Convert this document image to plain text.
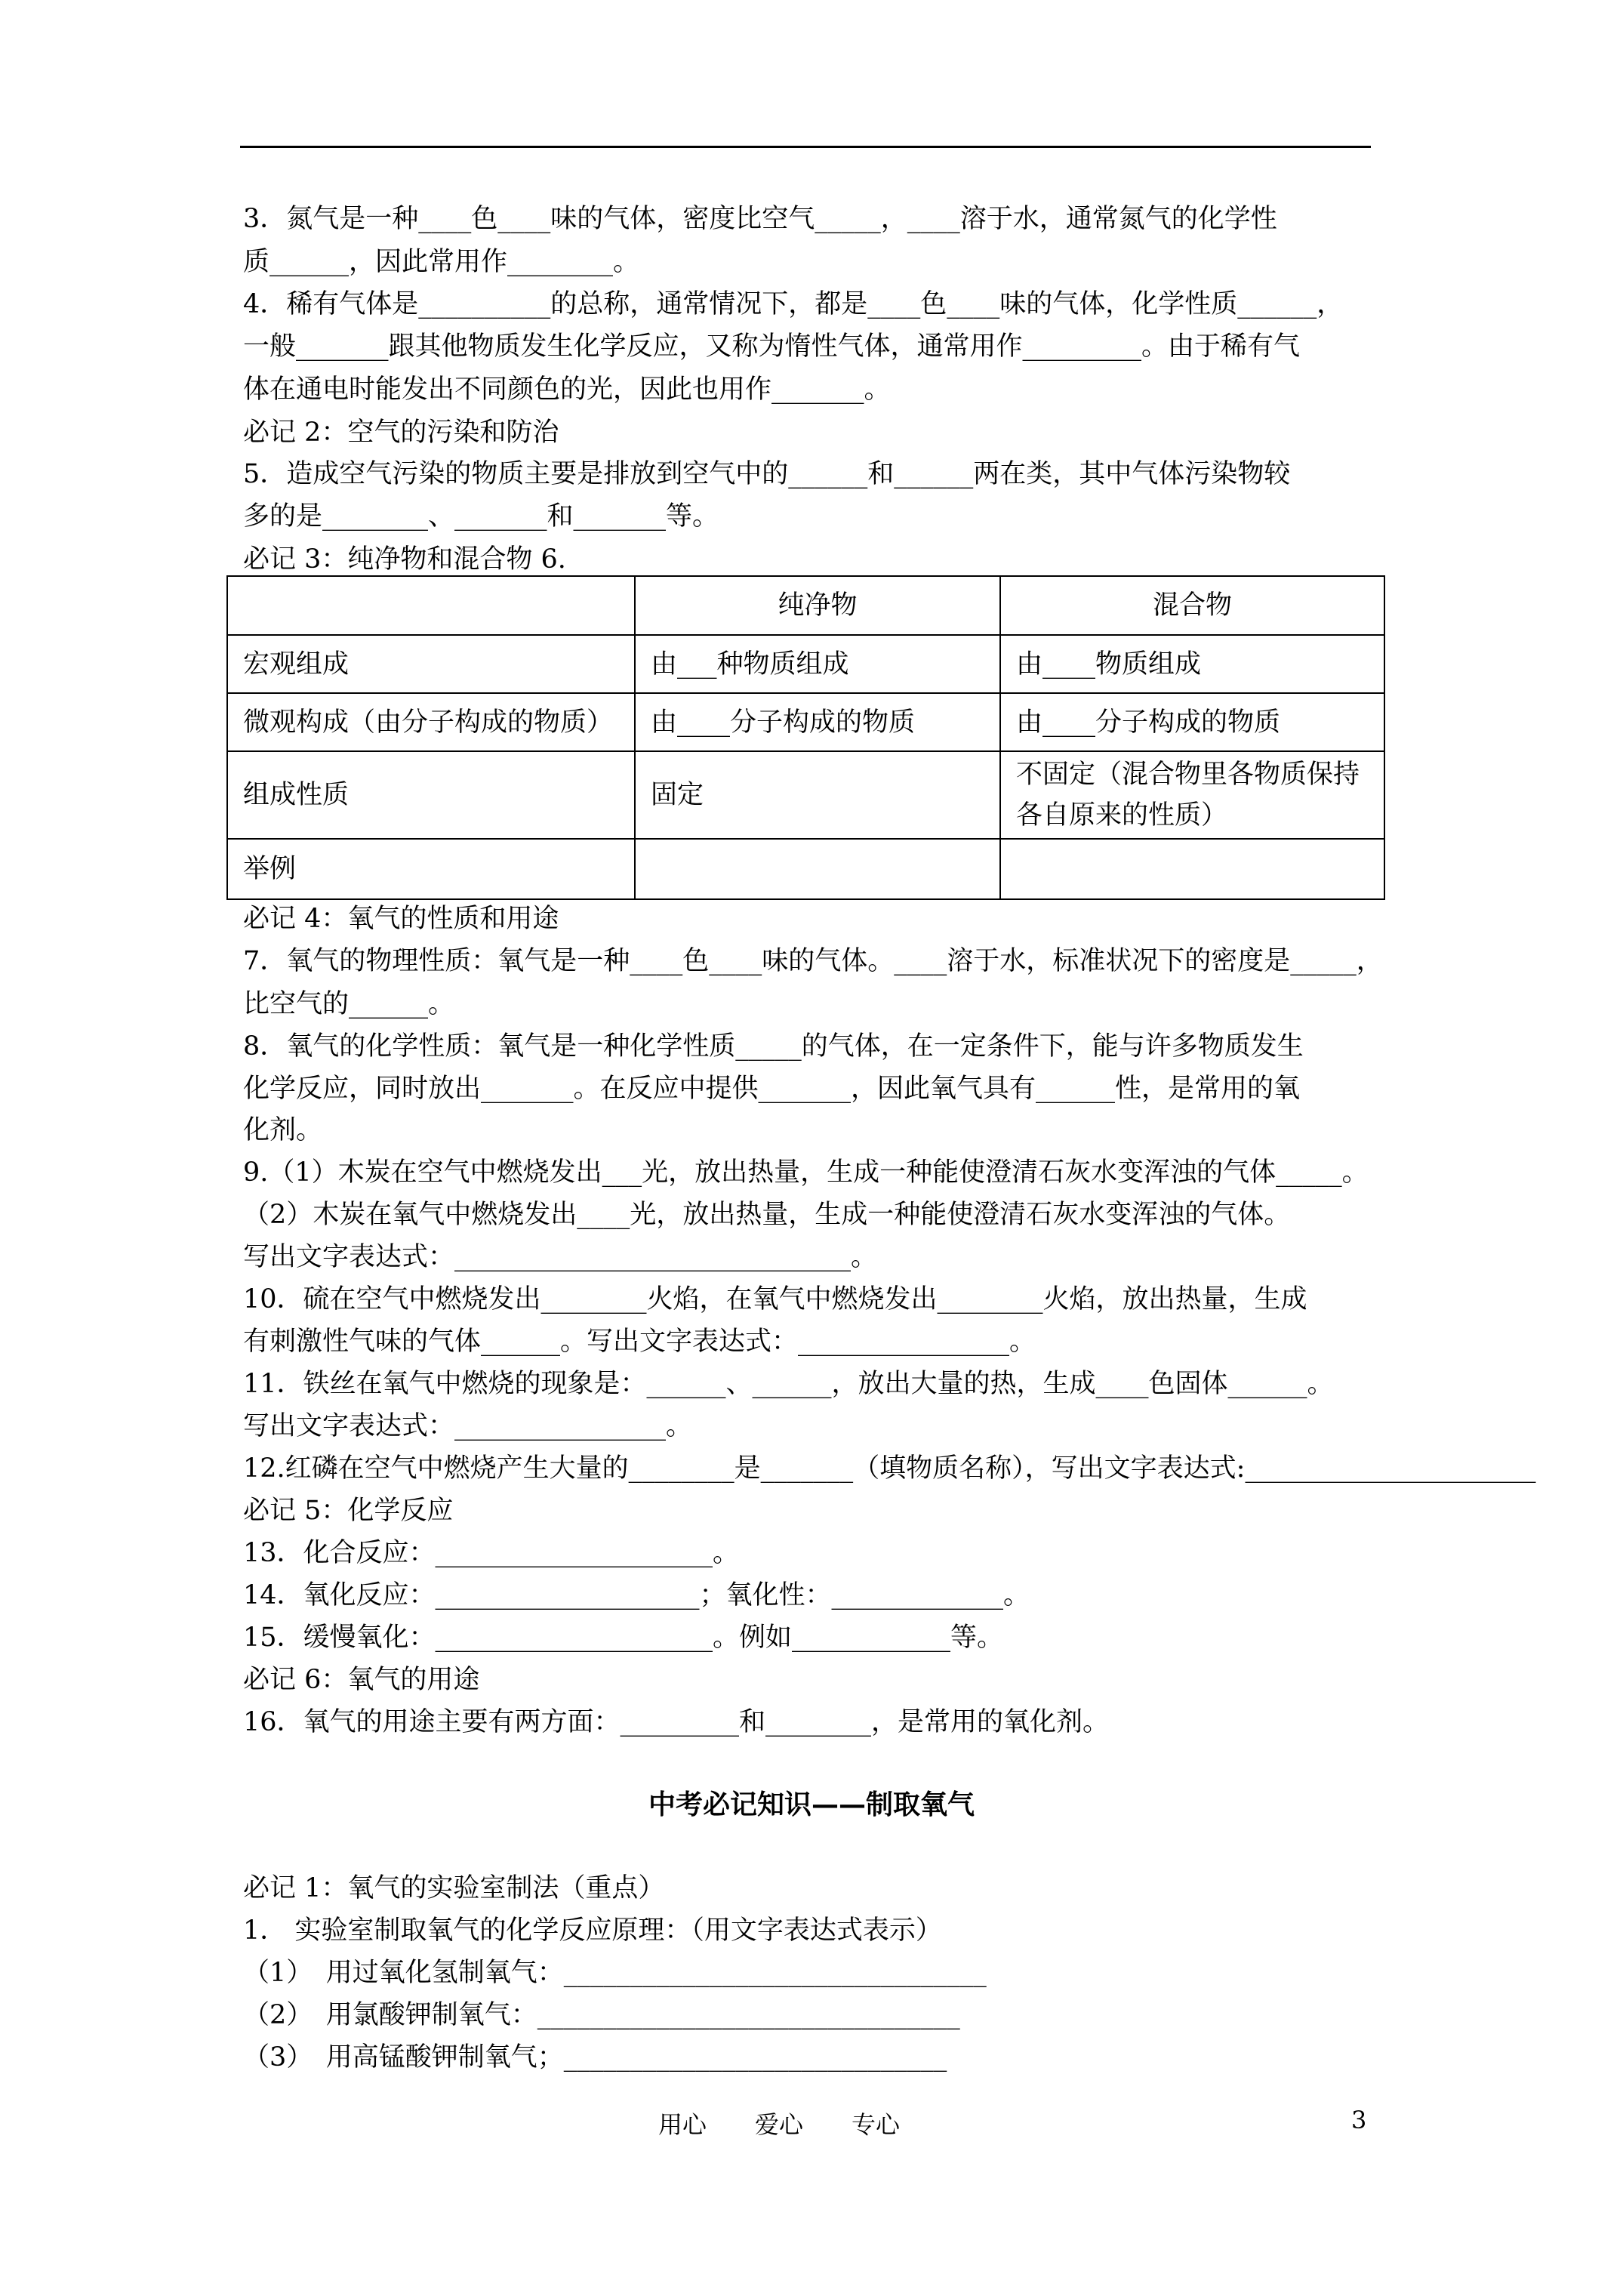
3．氮气是一种____色____味的气体，密度比空气_____，____溶于水，通常氮气的化学性
质______，因此常用作________。
4．稀有气体是__________的总称，通常情况下，都是____色____味的气体，化学性质______，
一般_______跟其他物质发生化学反应，又称为惰性气体，通常用作_________。由于稀有气
体在通电时能发出不同颜色的光，因此也用作_______。
必记 2：空气的污染和防治
5．造成空气污染的物质主要是排放到空气中的______和______两在类，其中气体污染物较
多的是________、_______和_______等。
必记 3：纯净物和混合物 6.
	纯净物	混合物
宏观组成	由___种物质组成	由____物质组成
微观构成（由分子构成的物质）	由____分子构成的物质	由____分子构成的物质
组成性质	固定	不固定（混合物里各物质保持各自原来的性质）
举例		
必记 4：氧气的性质和用途
7．氧气的物理性质：氧气是一种____色____味的气体。____溶于水，标准状况下的密度是_____，
比空气的______。
8．氧气的化学性质：氧气是一种化学性质_____的气体，在一定条件下，能与许多物质发生
化学反应，同时放出_______。在反应中提供_______，因此氧气具有______性，是常用的氧
化剂。
9.（1）木炭在空气中燃烧发出___光，放出热量，生成一种能使澄清石灰水变浑浊的气体_____。
（2）木炭在氧气中燃烧发出____光，放出热量，生成一种能使澄清石灰水变浑浊的气体。
写出文字表达式：______________________________。
10．硫在空气中燃烧发出________火焰，在氧气中燃烧发出________火焰，放出热量，生成
有刺激性气味的气体______。写出文字表达式：________________。
11．铁丝在氧气中燃烧的现象是：______、______，放出大量的热，生成____色固体______。
写出文字表达式：________________。
12.红磷在空气中燃烧产生大量的________是_______（填物质名称），写出文字表达式:______________________
必记 5：化学反应
13．化合反应：_____________________。
14．氧化反应：____________________；氧化性：_____________。
15．缓慢氧化：_____________________。例如____________等。
必记 6：氧气的用途
16．氧气的用途主要有两方面：_________和________，是常用的氧化剂。
中考必记知识——制取氧气
必记 1：氧气的实验室制法（重点）
1． 实验室制取氧气的化学反应原理：（用文字表达式表示）
（1）　用过氧化氢制氧气：________________________________
（2）　用氯酸钾制氧气：________________________________
（3）　用高锰酸钾制氧气；_____________________________
用心　　爱心　　专心	3
